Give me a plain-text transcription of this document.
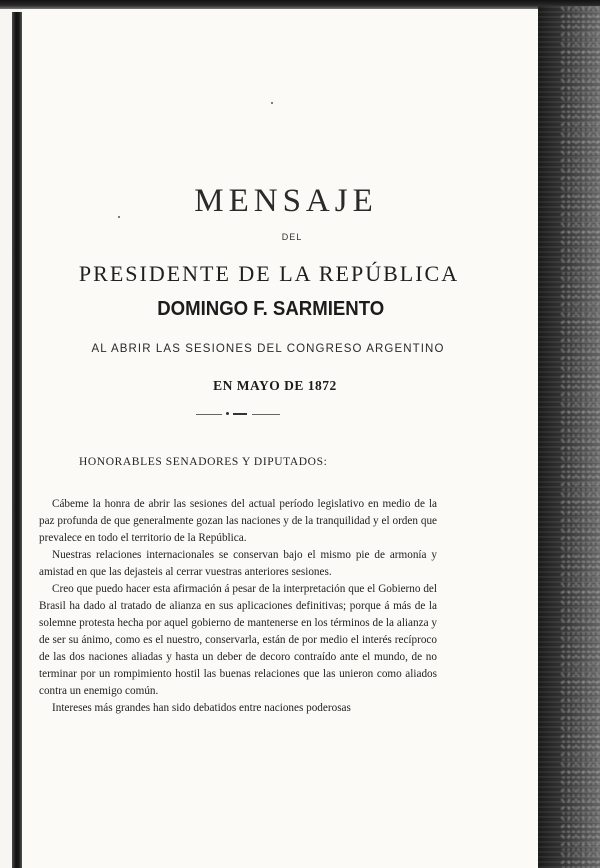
MENSAJE
DEL
PRESIDENTE DE LA REPÚBLICA
DOMINGO F. SARMIENTO
AL ABRIR LAS SESIONES DEL CONGRESO ARGENTINO
EN MAYO DE 1872
HONORABLES SENADORES Y DIPUTADOS:

Cábeme la honra de abrir las sesiones del actual período legislativo en medio de la paz profunda de que generalmente gozan las naciones y de la tranquilidad y el orden que prevalece en todo el territorio de la República.

Nuestras relaciones internacionales se conservan bajo el mismo pie de armonía y amistad en que las dejasteis al cerrar vuestras anteriores sesiones.

Creo que puedo hacer esta afirmación á pesar de la interpretación que el Gobierno del Brasil ha dado al tratado de alianza en sus aplicaciones definitivas; porque á más de la solemne protesta hecha por aquel gobierno de mantenerse en los términos de la alianza y de ser su ánimo, como es el nuestro, conservarla, están de por medio el interés recíproco de las dos naciones aliadas y hasta un deber de decoro contraído ante el mundo, de no terminar por un rompimiento hostil las buenas relaciones que las unieron como aliados contra un enemigo común.

Intereses más grandes han sido debatidos entre naciones poderosas
